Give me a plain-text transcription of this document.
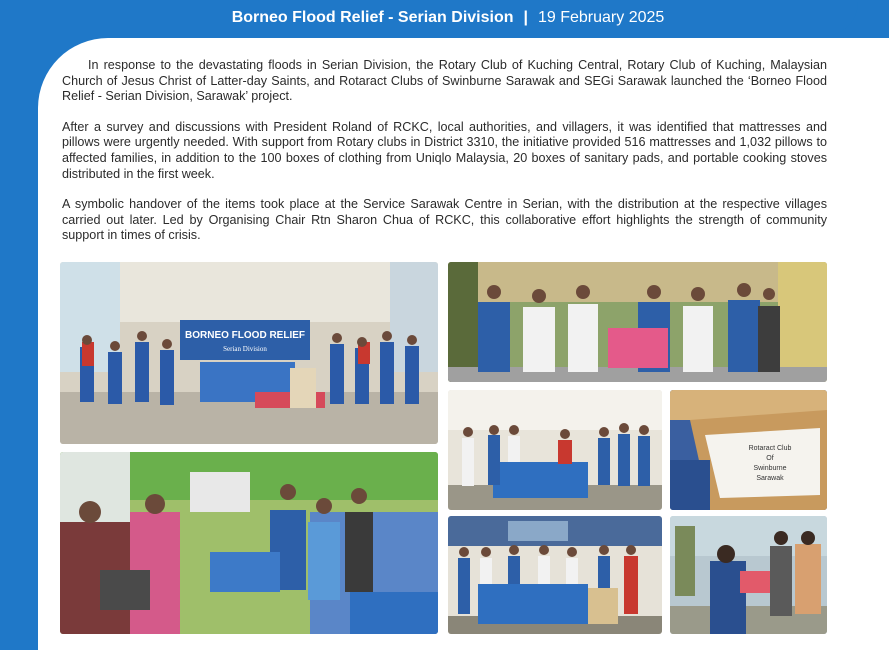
Borneo Flood Relief - Serian Division | 19 February 2025

In response to the devastating floods in Serian Division, the Rotary Club of Kuching Central, Rotary Club of Kuching, Malaysian Church of Jesus Christ of Latter-day Saints, and Rotaract Clubs of Swinburne Sarawak and SEGi Sarawak launched the ‘Borneo Flood Relief - Serian Division, Sarawak’ project.

After a survey and discussions with President Roland of RCKC, local authorities, and villagers, it was identified that mattresses and pillows were urgently needed. With support from Rotary clubs in District 3310, the initiative provided 516 mattresses and 1,032 pillows to affected families, in addition to the 100 boxes of clothing from Uniqlo Malaysia, 20 boxes of sanitary pads, and portable cooking stoves distributed in the first week.

A symbolic handover of the items took place at the Service Sarawak Centre in Serian, with the distribution at the respective villages carried out later. Led by Organising Chair Rtn Sharon Chua of RCKC, this collaborative effort highlights the strength of community support in times of crisis.

BORNEO FLOOD RELIEF
Serian Division
Rotaract Club
Of
Swinburne
Sarawak
